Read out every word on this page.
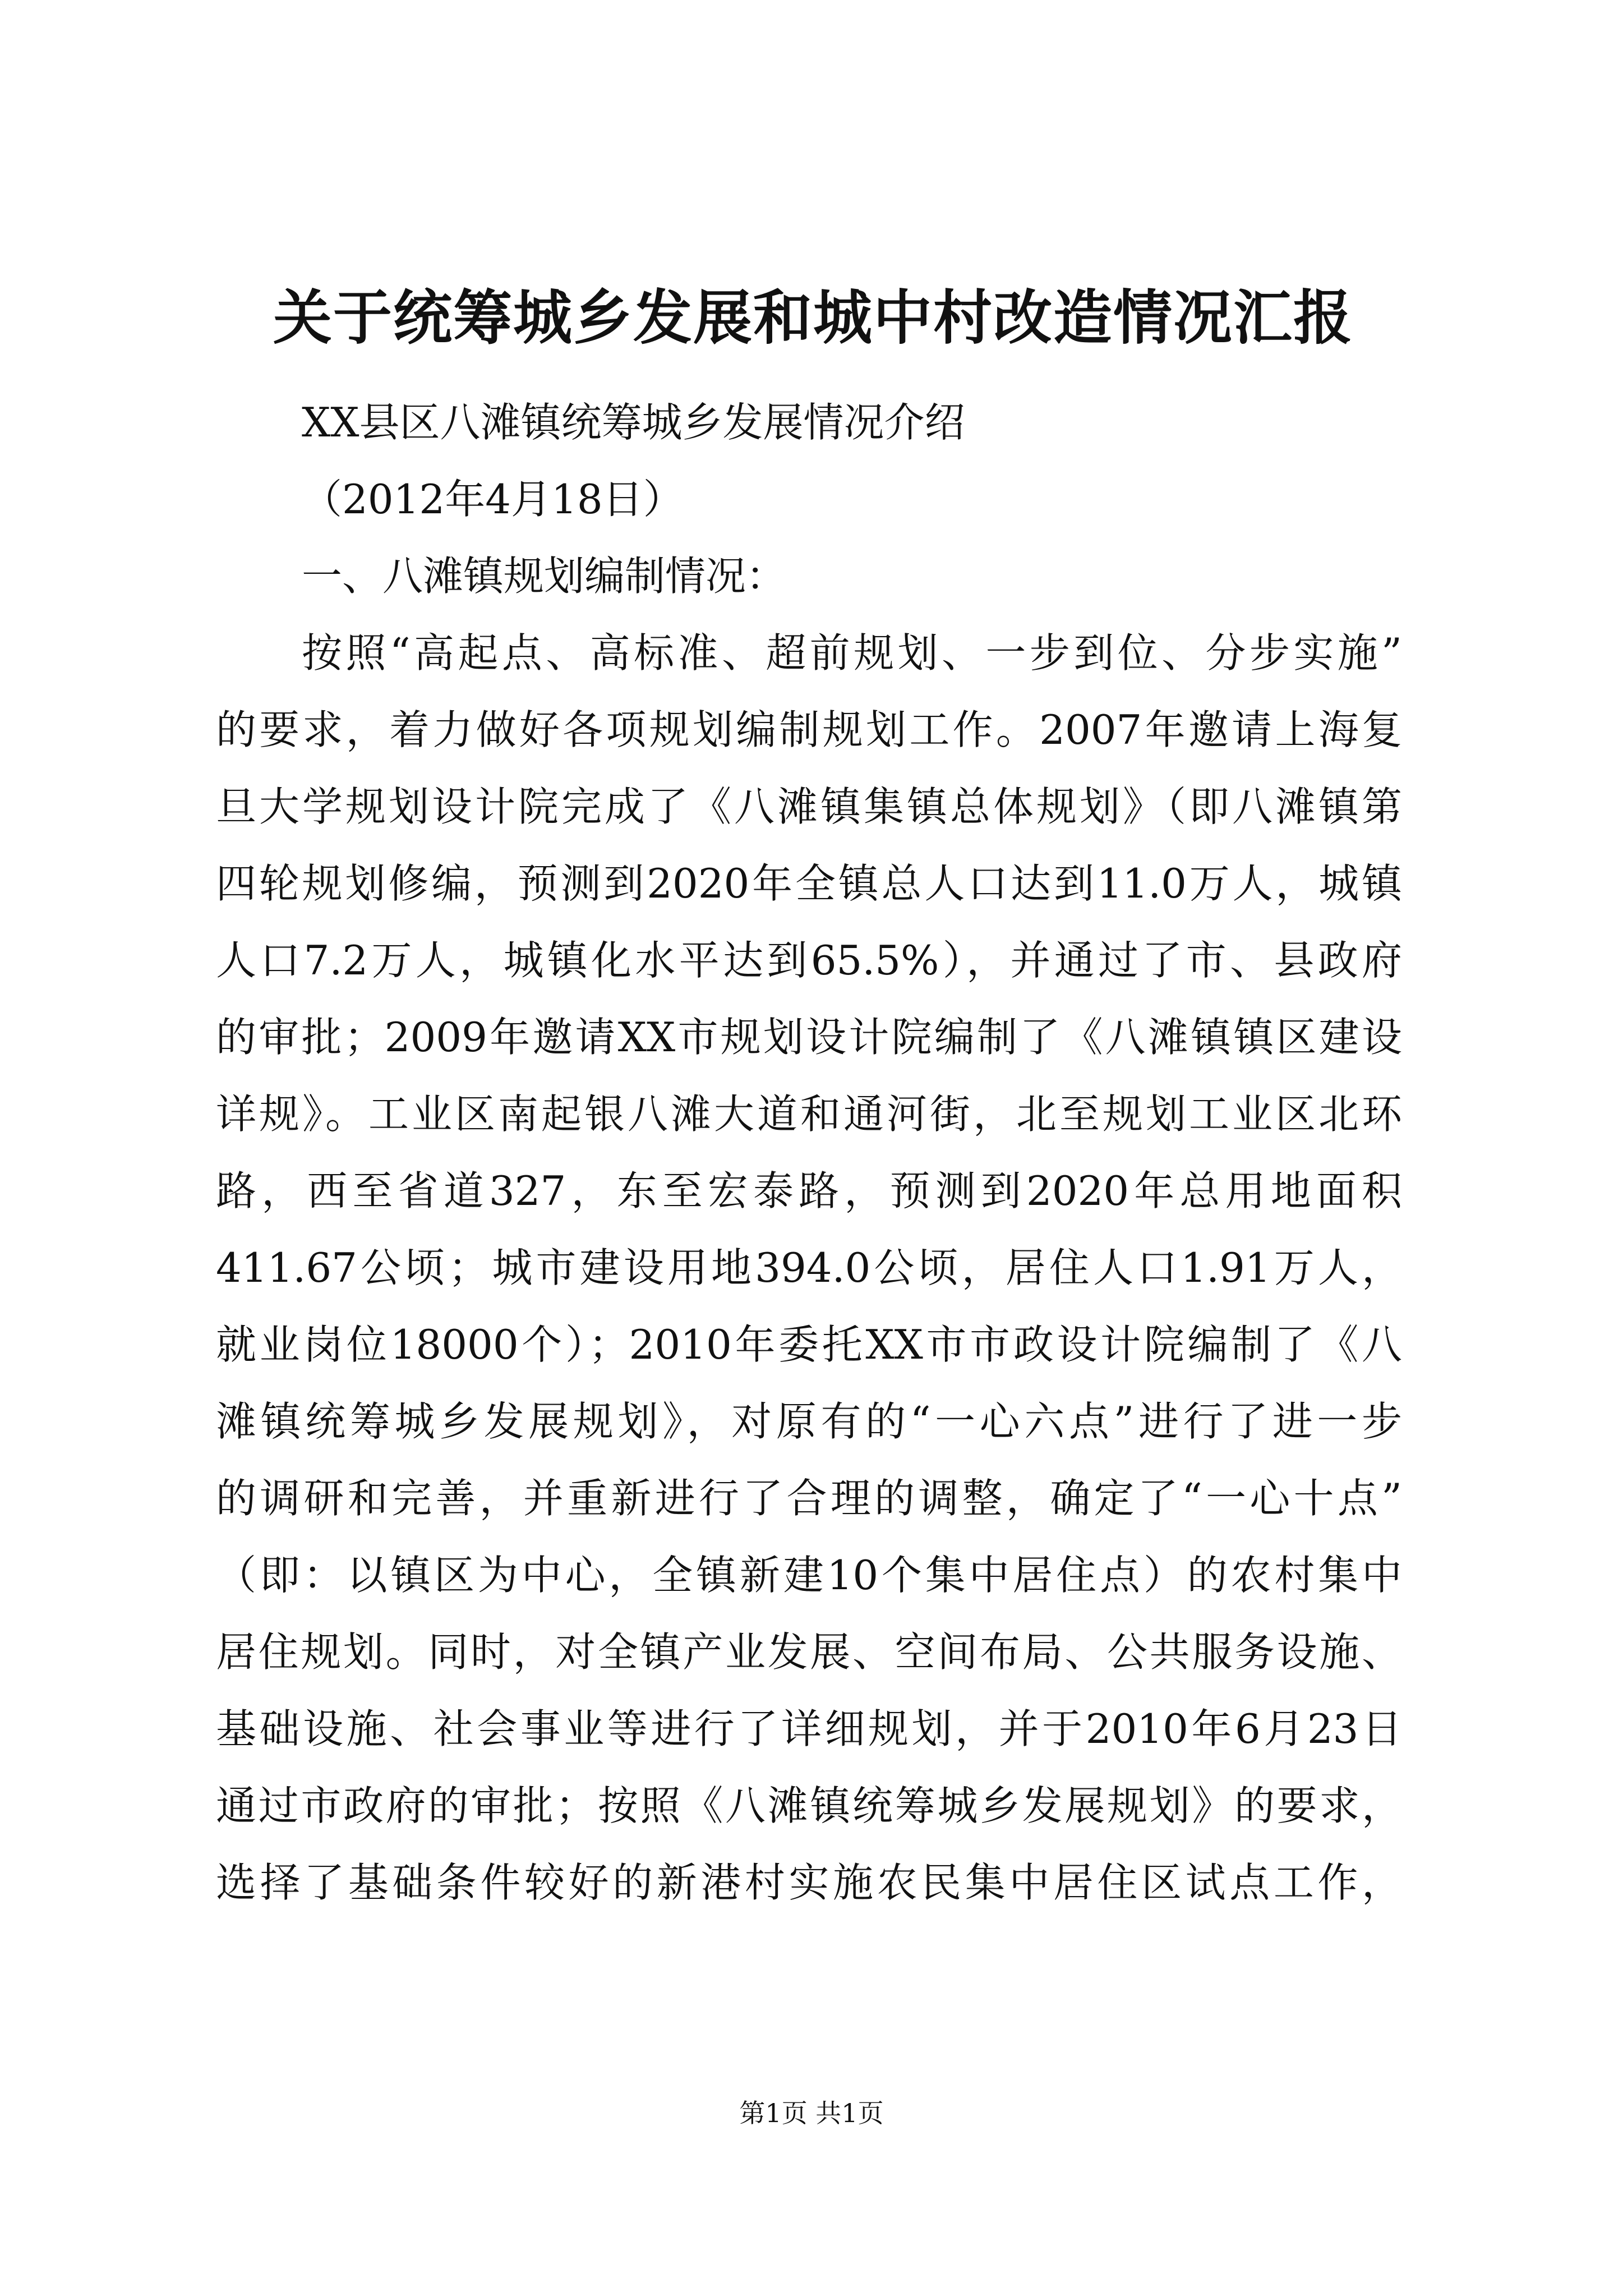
关于统筹城乡发展和城中村改造情况汇报

XX县区八滩镇统筹城乡发展情况介绍

（2012年4月18日）

一、八滩镇规划编制情况：

按照“高起点、高标准、超前规划、一步到位、分步实施”

的要求，着力做好各项规划编制规划工作。2007年邀请上海复

旦大学规划设计院完成了《八滩镇集镇总体规划》（即八滩镇第

四轮规划修编，预测到2020年全镇总人口达到11.0万人，城镇

人口7.2万人，城镇化水平达到65.5%），并通过了市、县政府

的审批；2009年邀请XX市规划设计院编制了《八滩镇镇区建设

详规》。工业区南起银八滩大道和通河街，北至规划工业区北环

路，西至省道327，东至宏泰路，预测到2020年总用地面积

411.67公顷；城市建设用地394.0公顷，居住人口1.91万人，

就业岗位18000个）；2010年委托XX市市政设计院编制了《八

滩镇统筹城乡发展规划》，对原有的“一心六点”进行了进一步

的调研和完善，并重新进行了合理的调整，确定了“一心十点”

（即：以镇区为中心，全镇新建10个集中居住点）的农村集中

居住规划。同时，对全镇产业发展、空间布局、公共服务设施、

基础设施、社会事业等进行了详细规划，并于2010年6月23日

通过市政府的审批；按照《八滩镇统筹城乡发展规划》的要求，

选择了基础条件较好的新港村实施农民集中居住区试点工作，

第1页 共1页
